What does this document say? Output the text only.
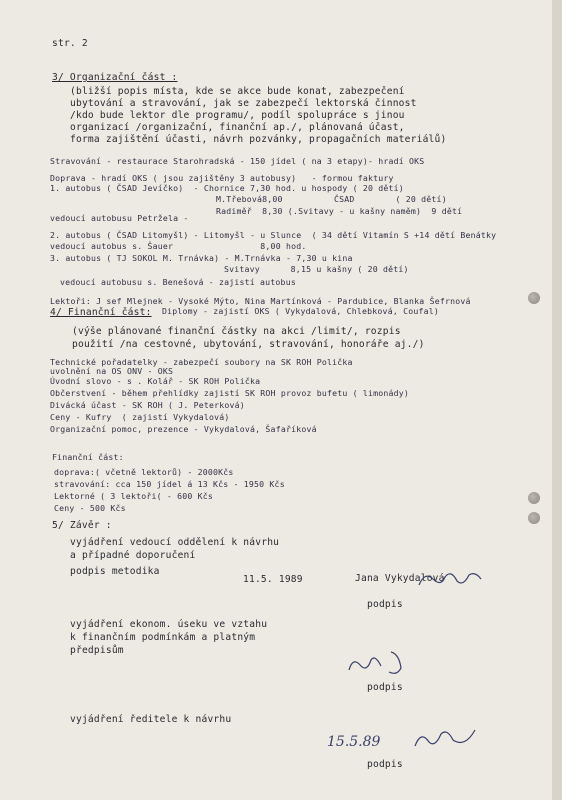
str. 2
3/ Organizační část :
(bližší popis místa, kde se akce bude konat, zabezpečení
ubytování a stravování, jak se zabezpečí lektorská činnost
/kdo bude lektor dle programu/, podíl spolupráce s jinou
organizací /organizační, finanční ap./, plánovaná účast,
forma zajištění účasti, návrh pozvánky, propagačních materiálů)
Stravování - restaurace Starohradská - 150 jídel ( na 3 etapy)- hradí OKS
Doprava - hradí OKS ( jsou zajištěny 3 autobusy)   - formou faktury
1. autobus ( ČSAD Jevíčko)  - Chornice 7,30 hod. u hospody ( 20 dětí)
M.Třebová8,00          ČSAD        ( 20 dětí)
Radiměř  8,30 (.Svitavy - u kašny naměm)  9 dětí
vedoucí autobusu Petržela -
2. autobus ( ČSAD Litomyšl) - Litomyšl - u Slunce  ( 34 dětí Vitamín S +14 dětí Benátky
vedoucí autobus s. Šauer                 8,00 hod.
3. autobus ( TJ SOKOL M. Trnávka) - M.Trnávka - 7,30 u kina
Svitavy      8,15 u kašny ( 20 dětí)
vedoucí autobusu s. Benešová - zajistí autobus
Lektoři: J sef Mlejnek - Vysoké Mýto, Nina Martínková - Pardubice, Blanka Šefrnová
4/ Finanční část: Diplomy - zajistí OKS ( Vykydalová, Chlebková, Coufal)
(výše plánované finanční částky na akci /limit/, rozpis
použití /na cestovné, ubytování, stravování, honoráře aj./)
Technické pořadatelky - zabezpečí soubory na SK ROH Polička
uvolnění na OS ONV - OKS
Úvodní slovo - s . Kolář - SK ROH Polička
Občerstvení - během přehlídky zajistí SK ROH provoz bufetu ( limonády)
Divácká účast - SK ROH ( J. Peterková)
Ceny - Kufry  ( zajistí Vykydalová)
Organizační pomoc, prezence - Vykydalová, Šafaříková
Finanční část:
doprava:( včetně lektorů) - 2000Kčs
stravování: cca 150 jídel á 13 Kčs - 1950 Kčs
Lektorné ( 3 lektoři( - 600 Kčs
Ceny - 500 Kčs
5/ Závěr :
vyjádření vedoucí oddělení k návrhu
a případné doporučení
podpis metodika
11.5. 1989	Jana Vykydalová
podpis
vyjádření ekonom. úseku ve vztahu
k finančním podmínkám a platným
předpisům
podpis
vyjádření ředitele k návrhu
podpis
15.5.89
